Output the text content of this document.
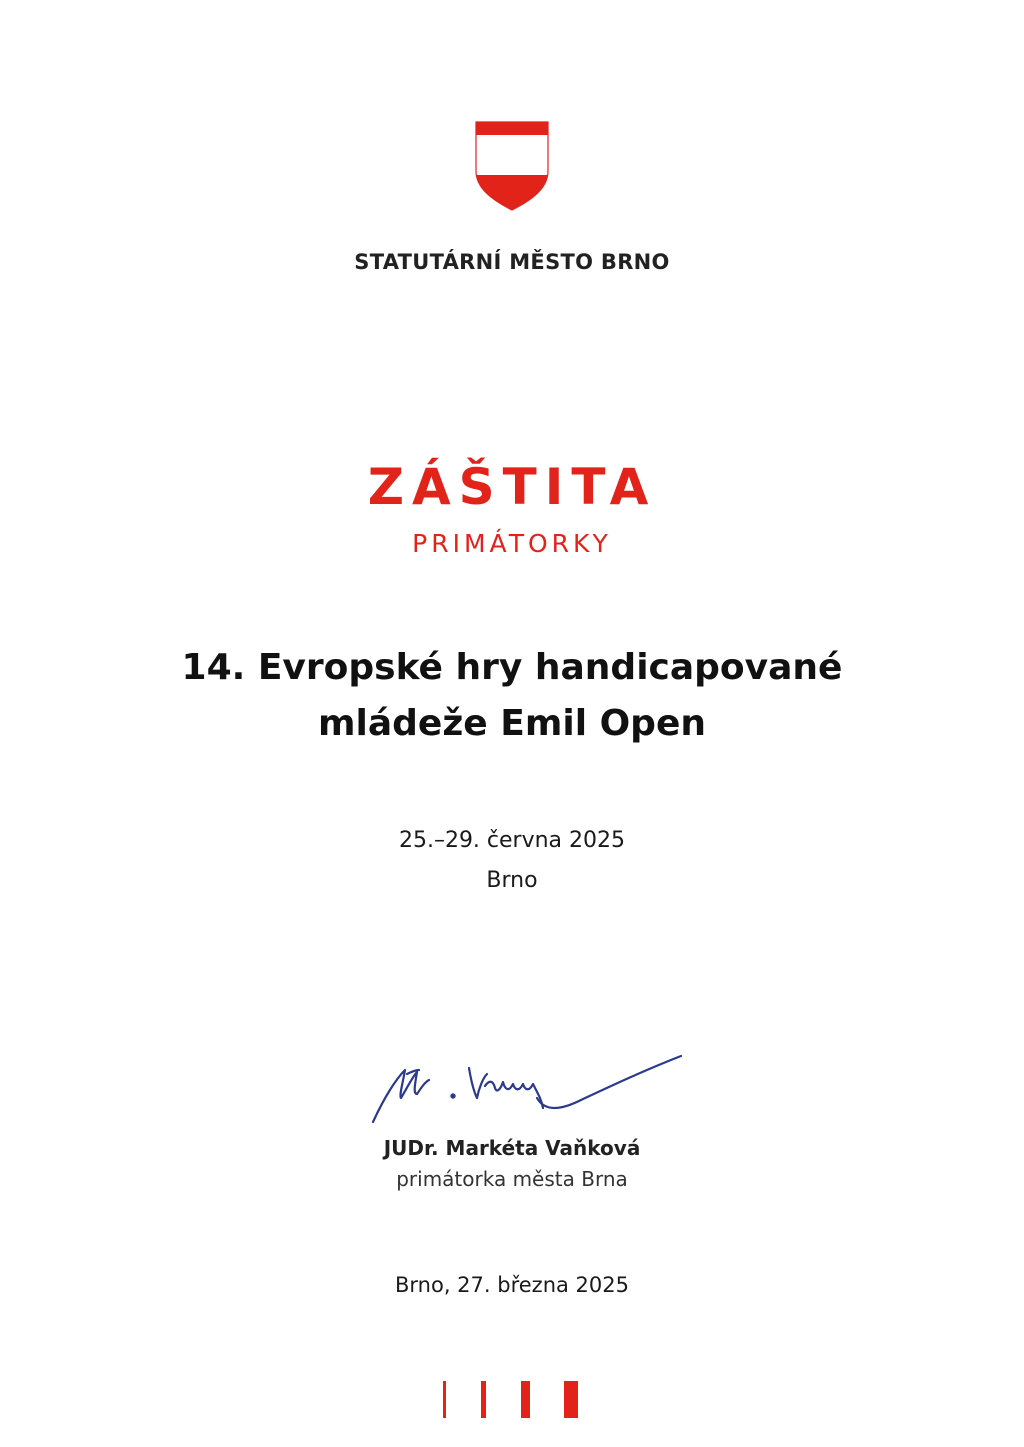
STATUTÁRNÍ MĚSTO BRNO
ZÁŠTITA
PRIMÁTORKY
14. Evropské hry handicapované
mládeže Emil Open
25.–29. června 2025
Brno
JUDr. Markéta Vaňková
primátorka města Brna
Brno, 27. března 2025
